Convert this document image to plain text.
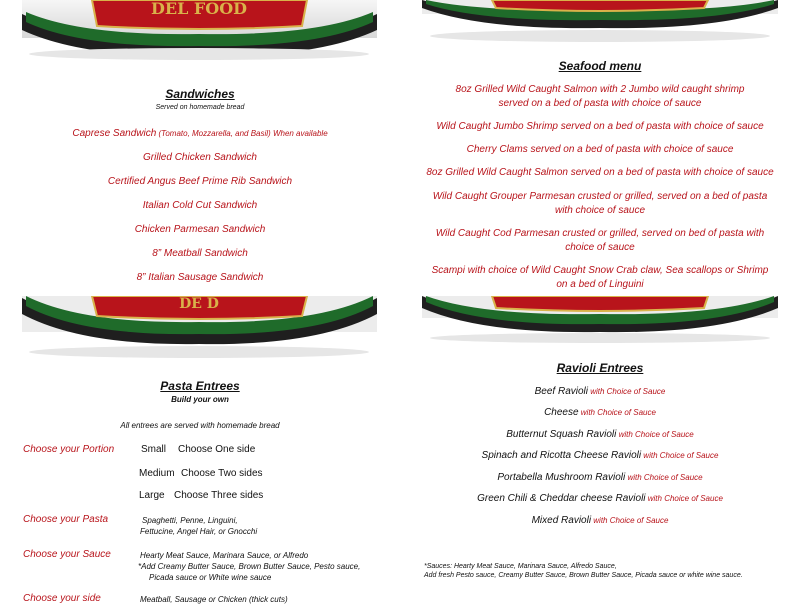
DEL FOOD
DE D
Sandwiches
Served on homemade bread
Caprese Sandwich (Tomato, Mozzarella, and Basil) When available
Grilled Chicken Sandwich
Certified Angus Beef Prime Rib Sandwich
Italian Cold Cut Sandwich
Chicken Parmesan Sandwich
8” Meatball Sandwich
8” Italian Sausage Sandwich
Seafood menu
8oz Grilled Wild Caught Salmon with 2 Jumbo wild caught shrimp served on a bed of pasta with choice of sauce
Wild Caught Jumbo Shrimp served on a bed of pasta with choice of sauce
Cherry Clams served on a bed of pasta with choice of sauce
8oz Grilled Wild Caught Salmon served on a bed of pasta with choice of sauce
Wild Caught Grouper Parmesan crusted or grilled, served on a bed of pasta with choice of sauce
Wild Caught Cod Parmesan crusted or grilled, served on bed of pasta with choice of sauce
Scampi with choice of Wild Caught Snow Crab claw, Sea scallops or Shrimp on a bed of Linguini
Pasta Entrees
Build your own
All entrees are served with homemade bread
Choose your Portion	Small Choose One side
Medium Choose Two sides
Large Choose Three sides
Choose your Pasta	Spaghetti, Penne, Linguini,
Fettucine, Angel Hair, or Gnocchi
Choose your Sauce	Hearty Meat Sauce, Marinara Sauce, or Alfredo
*Add Creamy Butter Sauce, Brown Butter Sauce, Pesto sauce,
Picada sauce or White wine sauce
Choose your side	Meatball, Sausage or Chicken (thick cuts)
Ravioli Entrees
Beef Ravioli with Choice of Sauce
Cheese with Choice of Sauce
Butternut Squash Ravioli with Choice of Sauce
Spinach and Ricotta Cheese Ravioli with Choice of Sauce
Portabella Mushroom Ravioli with Choice of Sauce
Green Chili & Cheddar cheese Ravioli with Choice of Sauce
Mixed Ravioli with Choice of Sauce
*Sauces: Hearty Meat Sauce, Marinara Sauce, Alfredo Sauce,
Add fresh Pesto sauce, Creamy Butter Sauce, Brown Butter Sauce, Picada sauce or white wine sauce.
